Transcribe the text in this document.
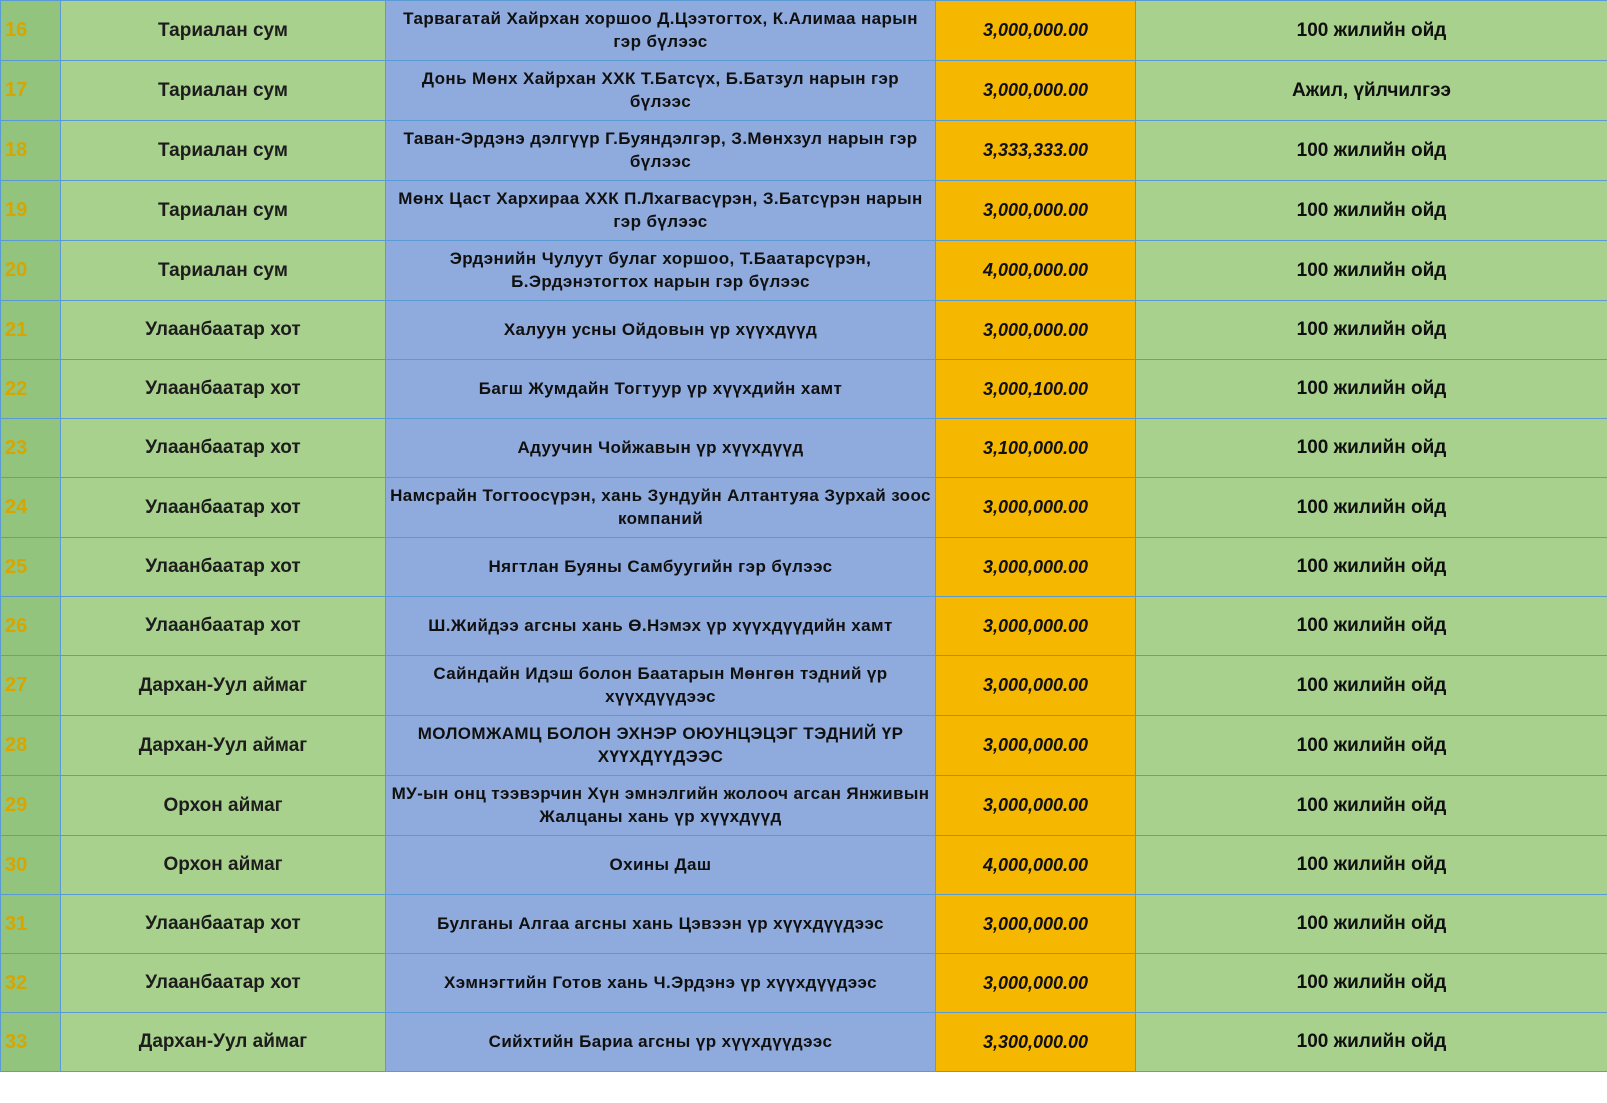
16	Тариалан сум	Тарвагатай Хайрхан хоршоо Д.Цээтогтох, К.Алимаа нарын гэр бүлээс	3,000,000.00	100 жилийн ойд
17	Тариалан сум	Донь Мөнх Хайрхан ХХК Т.Батсүх, Б.Батзул нарын гэр бүлээс	3,000,000.00	Ажил, үйлчилгээ
18	Тариалан сум	Таван-Эрдэнэ дэлгүүр Г.Буяндэлгэр, З.Мөнхзул нарын гэр бүлээс	3,333,333.00	100 жилийн ойд
19	Тариалан сум	Мөнх Цаст Хархираа ХХК П.Лхагвасүрэн, З.Батсүрэн нарын гэр бүлээс	3,000,000.00	100 жилийн ойд
20	Тариалан сум	Эрдэнийн Чулуут булаг хоршоо, Т.Баатарсүрэн, Б.Эрдэнэтогтох нарын гэр бүлээс	4,000,000.00	100 жилийн ойд
21	Улаанбаатар хот	Халуун усны Ойдовын үр хүүхдүүд	3,000,000.00	100 жилийн ойд
22	Улаанбаатар хот	Багш Жумдайн Тогтуур үр хүүхдийн хамт	3,000,100.00	100 жилийн ойд
23	Улаанбаатар хот	Адуучин Чойжавын үр хүүхдүүд	3,100,000.00	100 жилийн ойд
24	Улаанбаатар хот	Намсрайн Тогтоосүрэн, хань Зундуйн Алтантуяа Зурхай зоос компаний	3,000,000.00	100 жилийн ойд
25	Улаанбаатар хот	Нягтлан Буяны Самбуугийн гэр бүлээс	3,000,000.00	100 жилийн ойд
26	Улаанбаатар хот	Ш.Жийдээ агсны хань Ө.Нэмэх үр хүүхдүүдийн хамт	3,000,000.00	100 жилийн ойд
27	Дархан-Уул аймаг	Сайндайн Идэш болон Баатарын Мөнгөн тэдний үр хүүхдүүдээс	3,000,000.00	100 жилийн ойд
28	Дархан-Уул аймаг	МОЛОМЖАМЦ БОЛОН ЭХНЭР ОЮУНЦЭЦЭГ ТЭДНИЙ ҮР ХҮҮХДҮҮДЭЭС	3,000,000.00	100 жилийн ойд
29	Орхон аймаг	МУ-ын онц тээвэрчин Хүн эмнэлгийн жолооч агсан Янживын Жалцаны хань үр хүүхдүүд	3,000,000.00	100 жилийн ойд
30	Орхон аймаг	Охины Даш	4,000,000.00	100 жилийн ойд
31	Улаанбаатар хот	Булганы Алгаа агсны хань Цэвээн үр хүүхдүүдээс	3,000,000.00	100 жилийн ойд
32	Улаанбаатар хот	Хэмнэгтийн Готов хань Ч.Эрдэнэ үр хүүхдүүдээс	3,000,000.00	100 жилийн ойд
33	Дархан-Уул аймаг	Сийхтийн Бариа агсны үр хүүхдүүдээс	3,300,000.00	100 жилийн ойд
